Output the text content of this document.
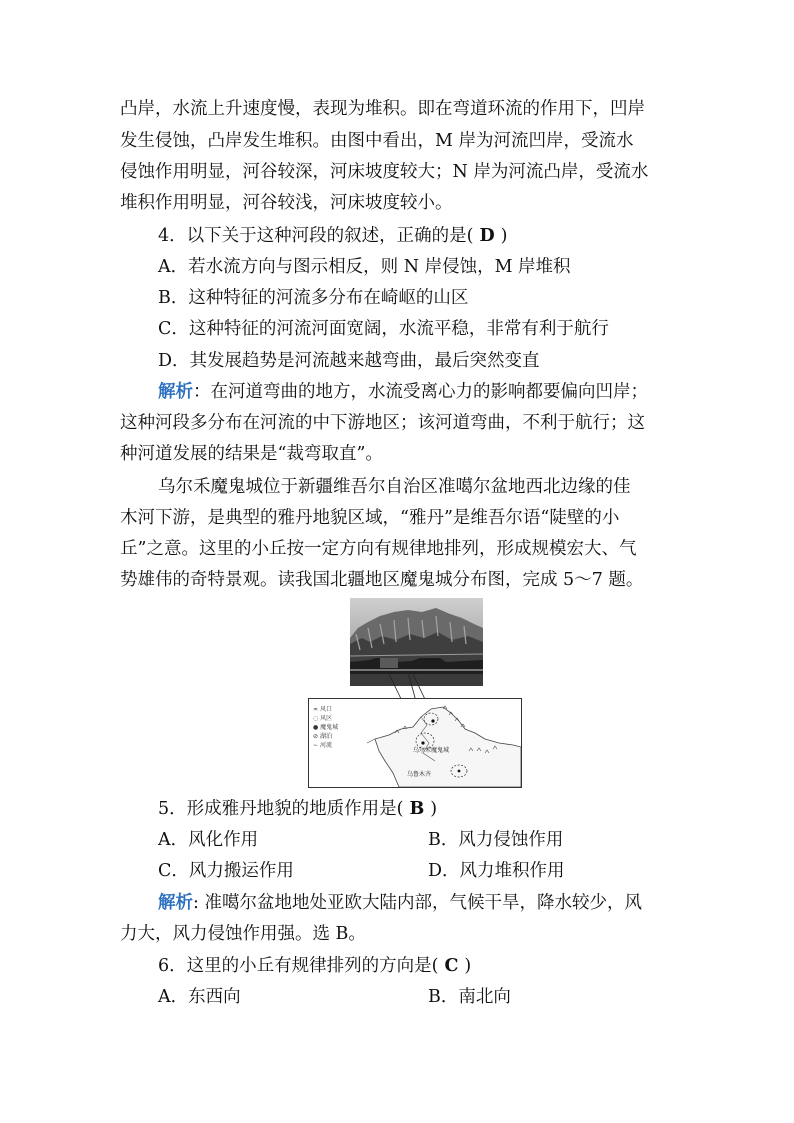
凸岸，水流上升速度慢，表现为堆积。即在弯道环流的作用下，凹岸
发生侵蚀，凸岸发生堆积。由图中看出，M 岸为河流凹岸，受流水
侵蚀作用明显，河谷较深，河床坡度较大；N 岸为河流凸岸，受流水
堆积作用明显，河谷较浅，河床坡度较小。
4．以下关于这种河段的叙述，正确的是( D )
A．若水流方向与图示相反，则 N 岸侵蚀，M 岸堆积
B．这种特征的河流多分布在崎岖的山区
C．这种特征的河流河面宽阔，水流平稳，非常有利于航行
D．其发展趋势是河流越来越弯曲，最后突然变直
解析：在河道弯曲的地方，水流受离心力的影响都要偏向凹岸；
这种河段多分布在河流的中下游地区；该河道弯曲，不利于航行；这
种河道发展的结果是“裁弯取直”。
乌尔禾魔鬼城位于新疆维吾尔自治区准噶尔盆地西北边缘的佳
木河下游，是典型的雅丹地貌区域，“雅丹”是维吾尔语“陡壁的小
丘”之意。这里的小丘按一定方向有规律地排列，形成规模宏大、气
势雄伟的奇特景观。读我国北疆地区魔鬼城分布图，完成 5～7 题。
≍ 风口
◌ 风区
● 魔鬼城
⊘ 湖泊
∼ 河流
乌尔禾魔鬼城
乌鲁木齐
5．形成雅丹地貌的地质作用是( B )
A．风化作用	B．风力侵蚀作用
C．风力搬运作用	D．风力堆积作用
解析: 准噶尔盆地地处亚欧大陆内部，气候干旱，降水较少，风
力大，风力侵蚀作用强。选 B。
6．这里的小丘有规律排列的方向是( C )
A．东西向	B．南北向
